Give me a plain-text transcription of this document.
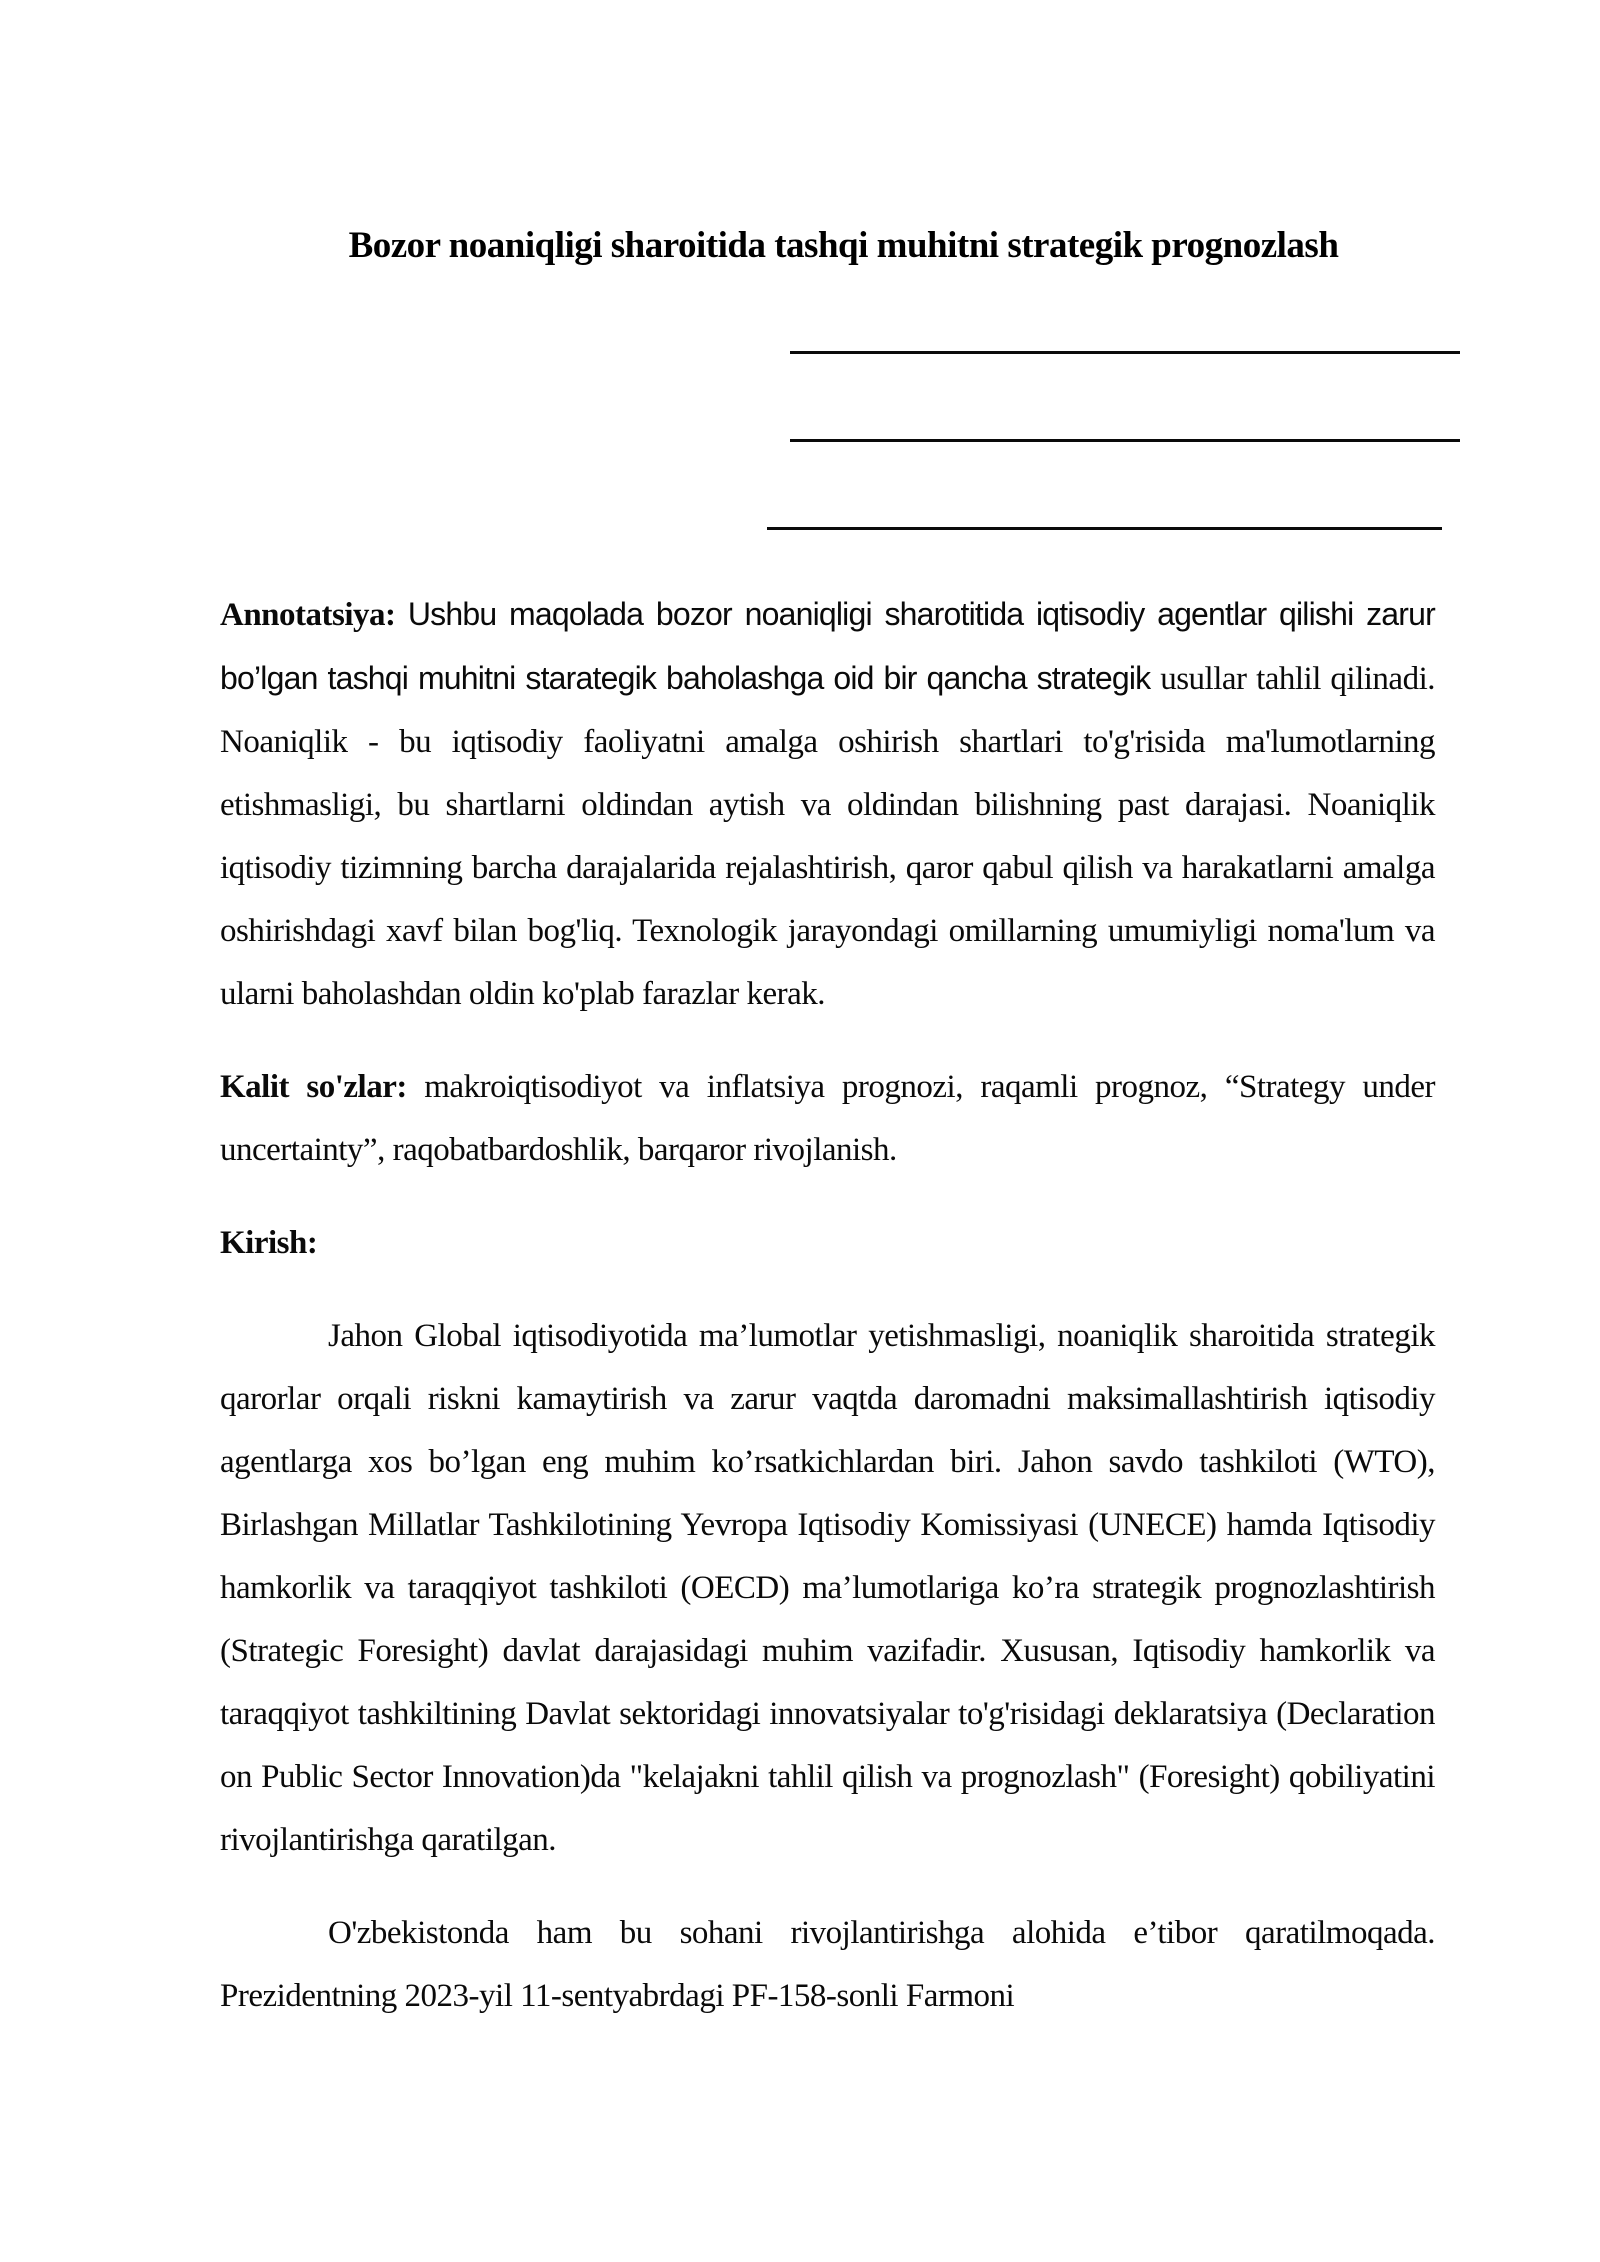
Bozor noaniqligi sharoitida tashqi muhitni strategik prognozlash

Annotatsiya: Ushbu maqolada bozor noaniqligi sharotitida iqtisodiy agentlar qilishi zarur bo’lgan tashqi muhitni starategik baholashga oid bir qancha strategik usullar tahlil qilinadi. Noaniqlik - bu iqtisodiy faoliyatni amalga oshirish shartlari to'g'risida ma'lumotlarning etishmasligi, bu shartlarni oldindan aytish va oldindan bilishning past darajasi. Noaniqlik iqtisodiy tizimning barcha darajalarida rejalashtirish, qaror qabul qilish va harakatlarni amalga oshirishdagi xavf bilan bog'liq. Texnologik jarayondagi omillarning umumiyligi noma'lum va ularni baholashdan oldin ko'plab farazlar kerak.

Kalit so'zlar: makroiqtisodiyot va inflatsiya prognozi, raqamli prognoz, “Strategy under uncertainty”, raqobatbardoshlik, barqaror rivojlanish.

Kirish:

Jahon Global iqtisodiyotida ma’lumotlar yetishmasligi, noaniqlik sharoitida strategik qarorlar orqali riskni kamaytirish va zarur vaqtda daromadni maksimallashtirish iqtisodiy agentlarga xos bo’lgan eng muhim ko’rsatkichlardan biri. Jahon savdo tashkiloti (WTO), Birlashgan Millatlar Tashkilotining Yevropa Iqtisodiy Komissiyasi (UNECE) hamda Iqtisodiy hamkorlik va taraqqiyot tashkiloti (OECD) ma’lumotlariga ko’ra strategik prognozlashtirish (Strategic Foresight) davlat darajasidagi muhim vazifadir. Xususan, Iqtisodiy hamkorlik va taraqqiyot tashkiltining Davlat sektoridagi innovatsiyalar to'g'risidagi deklaratsiya (Declaration on Public Sector Innovation)da "kelajakni tahlil qilish va prognozlash" (Foresight) qobiliyatini rivojlantirishga qaratilgan.

O'zbekistonda ham bu sohani rivojlantirishga alohida e’tibor qaratilmoqada. Prezidentning 2023-yil 11-sentyabrdagi PF-158-sonli Farmoni
